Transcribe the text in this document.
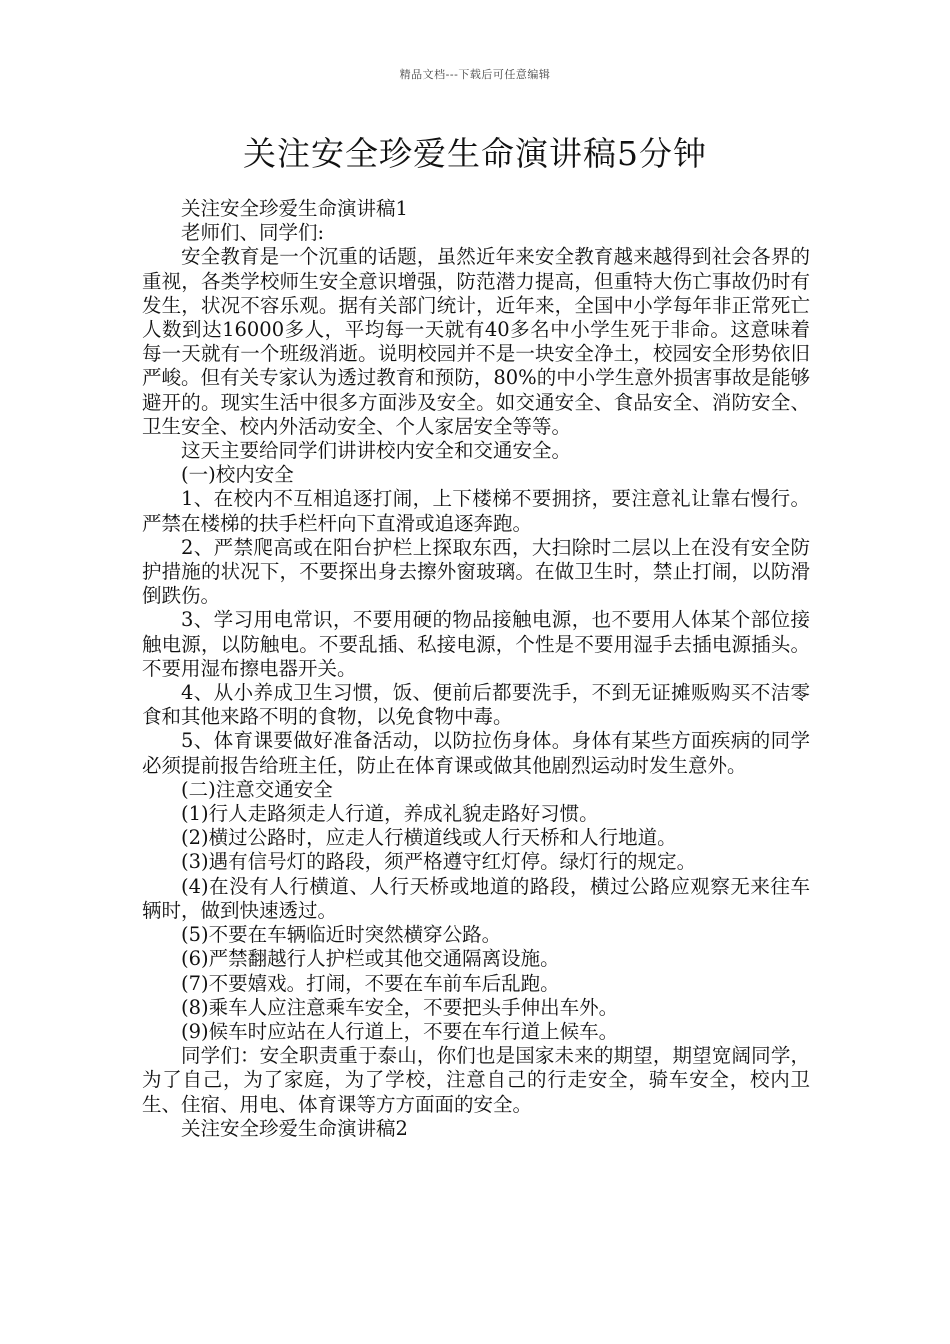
精品文档---下载后可任意编辑
关注安全珍爱生命演讲稿5分钟

关注安全珍爱生命演讲稿1

老师们、同学们:

安全教育是一个沉重的话题，虽然近年来安全教育越来越得到社会各界的重视，各类学校师生安全意识增强，防范潜力提高，但重特大伤亡事故仍时有发生，状况不容乐观。据有关部门统计，近年来，全国中小学每年非正常死亡人数到达16000多人，平均每一天就有40多名中小学生死于非命。这意味着每一天就有一个班级消逝。说明校园并不是一块安全净土，校园安全形势依旧严峻。但有关专家认为透过教育和预防，80%的中小学生意外损害事故是能够避开的。现实生活中很多方面涉及安全。如交通安全、食品安全、消防安全、卫生安全、校内外活动安全、个人家居安全等等。

这天主要给同学们讲讲校内安全和交通安全。

(一)校内安全

1、在校内不互相追逐打闹，上下楼梯不要拥挤，要注意礼让靠右慢行。严禁在楼梯的扶手栏杆向下直滑或追逐奔跑。

2、严禁爬高或在阳台护栏上探取东西，大扫除时二层以上在没有安全防护措施的状况下，不要探出身去擦外窗玻璃。在做卫生时，禁止打闹，以防滑倒跌伤。

3、学习用电常识，不要用硬的物品接触电源，也不要用人体某个部位接触电源，以防触电。不要乱插、私接电源，个性是不要用湿手去插电源插头。不要用湿布擦电器开关。

4、从小养成卫生习惯，饭、便前后都要洗手，不到无证摊贩购买不洁零食和其他来路不明的食物，以免食物中毒。

5、体育课要做好准备活动，以防拉伤身体。身体有某些方面疾病的同学必须提前报告给班主任，防止在体育课或做其他剧烈运动时发生意外。

(二)注意交通安全

(1)行人走路须走人行道，养成礼貌走路好习惯。

(2)横过公路时，应走人行横道线或人行天桥和人行地道。

(3)遇有信号灯的路段，须严格遵守红灯停。绿灯行的规定。

(4)在没有人行横道、人行天桥或地道的路段，横过公路应观察无来往车辆时，做到快速透过。

(5)不要在车辆临近时突然横穿公路。

(6)严禁翻越行人护栏或其他交通隔离设施。

(7)不要嬉戏。打闹，不要在车前车后乱跑。

(8)乘车人应注意乘车安全，不要把头手伸出车外。

(9)候车时应站在人行道上，不要在车行道上候车。

同学们：安全职责重于泰山，你们也是国家未来的期望，期望宽阔同学，为了自己，为了家庭，为了学校，注意自己的行走安全，骑车安全，校内卫生、住宿、用电、体育课等方方面面的安全。

关注安全珍爱生命演讲稿2
